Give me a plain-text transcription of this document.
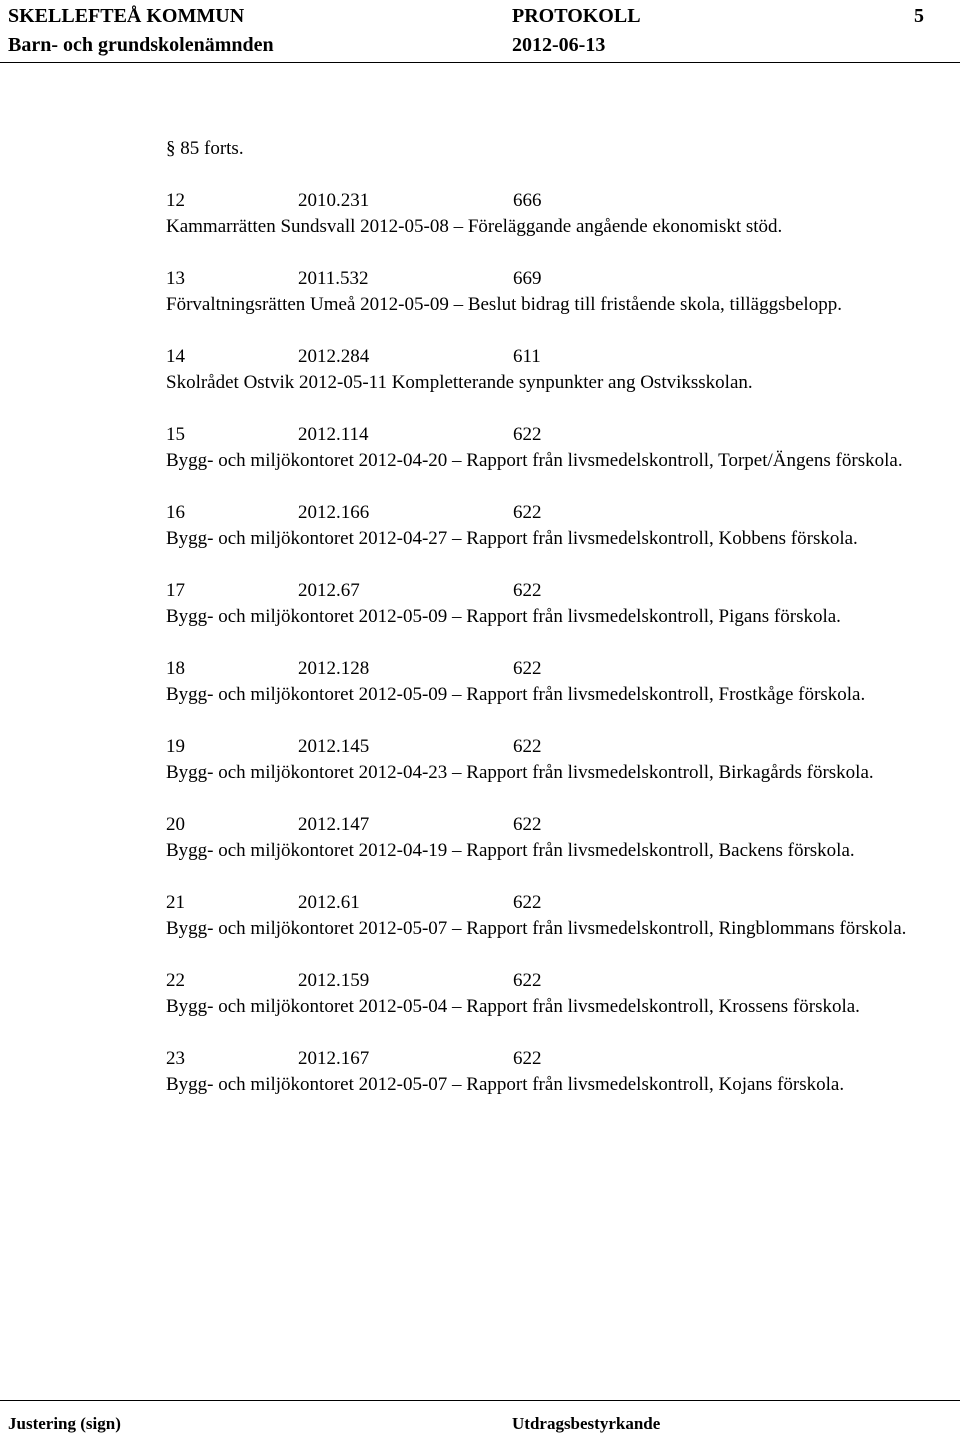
SKELLEFTEÅ KOMMUN	PROTOKOLL	5
Barn- och grundskolenämnden	2012-06-13
§ 85 forts.
12	2010.231	666
Kammarrätten Sundsvall 2012-05-08 – Föreläggande angående ekonomiskt stöd.
13	2011.532	669
Förvaltningsrätten Umeå 2012-05-09 – Beslut bidrag till fristående skola, tilläggsbelopp.
14	2012.284	611
Skolrådet Ostvik 2012-05-11 Kompletterande synpunkter ang Ostviksskolan.
15	2012.114	622
Bygg- och miljökontoret 2012-04-20 – Rapport från livsmedelskontroll, Torpet/Ängens förskola.
16	2012.166	622
Bygg- och miljökontoret 2012-04-27 – Rapport från livsmedelskontroll, Kobbens förskola.
17	2012.67	622
Bygg- och miljökontoret 2012-05-09 – Rapport från livsmedelskontroll, Pigans förskola.
18	2012.128	622
Bygg- och miljökontoret 2012-05-09 – Rapport från livsmedelskontroll, Frostkåge förskola.
19	2012.145	622
Bygg- och miljökontoret 2012-04-23 – Rapport från livsmedelskontroll, Birkagårds förskola.
20	2012.147	622
Bygg- och miljökontoret 2012-04-19 – Rapport från livsmedelskontroll, Backens förskola.
21	2012.61	622
Bygg- och miljökontoret 2012-05-07 – Rapport från livsmedelskontroll, Ringblommans förskola.
22	2012.159	622
Bygg- och miljökontoret 2012-05-04 – Rapport från livsmedelskontroll, Krossens förskola.
23	2012.167	622
Bygg- och miljökontoret 2012-05-07 – Rapport från livsmedelskontroll, Kojans förskola.
Justering (sign)	Utdragsbestyrkande
